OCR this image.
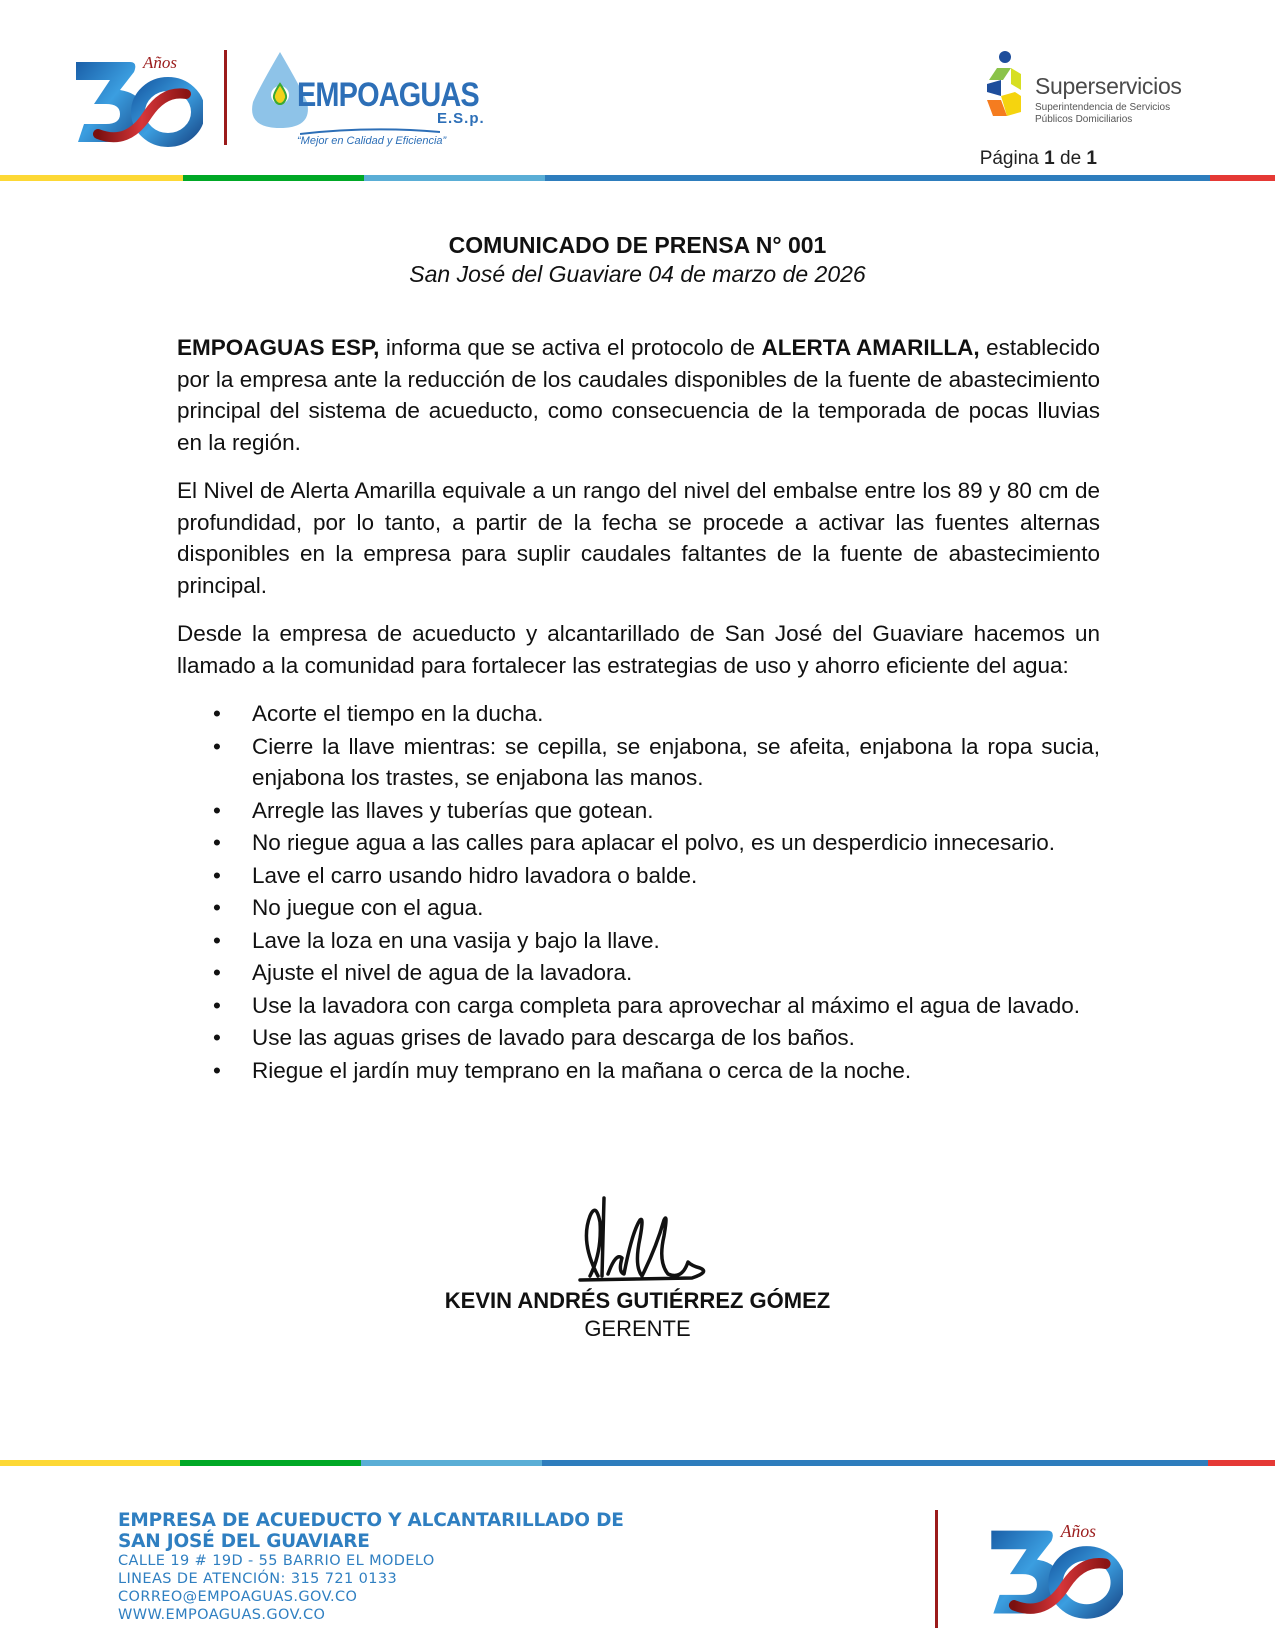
Años
EMPOAGUAS
E.S.p.
“Mejor en Calidad y Eficiencia”
Superservicios
Superintendencia de Servicios
Públicos Domiciliarios
Página 1 de 1
COMUNICADO DE PRENSA N° 001
San José del Guaviare 04 de marzo de 2026

EMPOAGUAS ESP, informa que se activa el protocolo de ALERTA AMARILLA, establecido por la empresa ante la reducción de los caudales disponibles de la fuente de abastecimiento principal del sistema de acueducto, como consecuencia de la temporada de pocas lluvias en la región.

El Nivel de Alerta Amarilla equivale a un rango del nivel del embalse entre los 89 y 80 cm de profundidad, por lo tanto, a partir de la fecha se procede a activar las fuentes alternas disponibles en la empresa para suplir caudales faltantes de la fuente de abastecimiento principal.

Desde la empresa de acueducto y alcantarillado de San José del Guaviare hacemos un llamado a la comunidad para fortalecer las estrategias de uso y ahorro eficiente del agua:

• Acorte el tiempo en la ducha.
• Cierre la llave mientras: se cepilla, se enjabona, se afeita, enjabona la ropa sucia, enjabona los trastes, se enjabona las manos.
• Arregle las llaves y tuberías que gotean.
• No riegue agua a las calles para aplacar el polvo, es un desperdicio innecesario.
• Lave el carro usando hidro lavadora o balde.
• No juegue con el agua.
• Lave la loza en una vasija y bajo la llave.
• Ajuste el nivel de agua de la lavadora.
• Use la lavadora con carga completa para aprovechar al máximo el agua de lavado.
• Use las aguas grises de lavado para descarga de los baños.
• Riegue el jardín muy temprano en la mañana o cerca de la noche.
KEVIN ANDRÉS GUTIÉRREZ GÓMEZ
GERENTE
EMPRESA DE ACUEDUCTO Y ALCANTARILLADO DE
SAN JOSÉ DEL GUAVIARE
CALLE 19 # 19D - 55 BARRIO EL MODELO
LINEAS DE ATENCIÓN: 315 721 0133
CORREO@EMPOAGUAS.GOV.CO
WWW.EMPOAGUAS.GOV.CO
Años
